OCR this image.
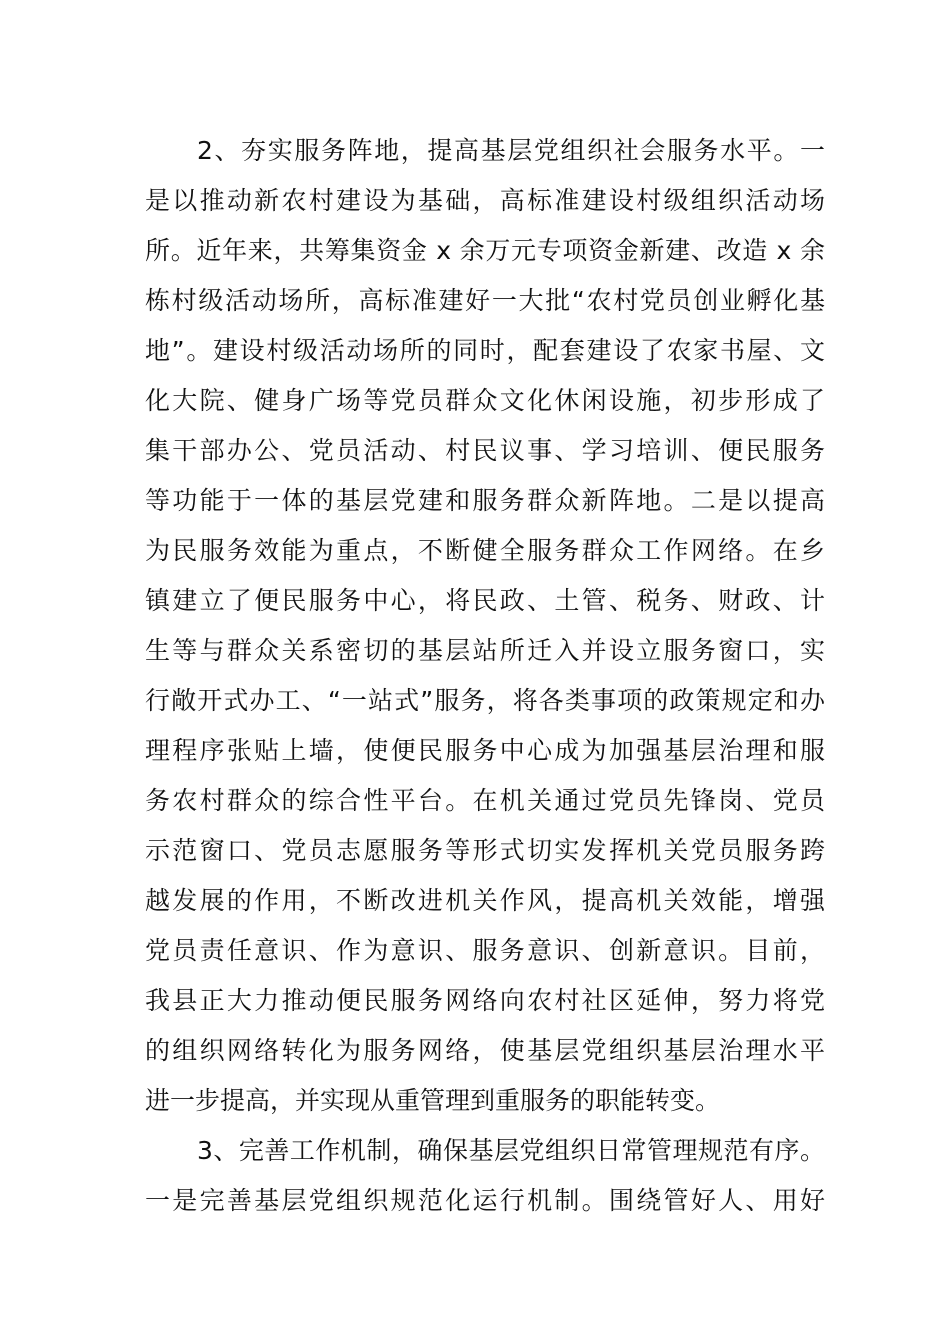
2、夯实服务阵地，提高基层党组织社会服务水平。一
是以推动新农村建设为基础，高标准建设村级组织活动场
所。近年来，共筹集资金 x 余万元专项资金新建、改造 x 余
栋村级活动场所，高标准建好一大批“农村党员创业孵化基
地”。建设村级活动场所的同时，配套建设了农家书屋、文
化大院、健身广场等党员群众文化休闲设施，初步形成了
集干部办公、党员活动、村民议事、学习培训、便民服务
等功能于一体的基层党建和服务群众新阵地。二是以提高
为民服务效能为重点，不断健全服务群众工作网络。在乡
镇建立了便民服务中心，将民政、土管、税务、财政、计
生等与群众关系密切的基层站所迁入并设立服务窗口，实
行敞开式办工、“一站式”服务，将各类事项的政策规定和办
理程序张贴上墙，使便民服务中心成为加强基层治理和服
务农村群众的综合性平台。在机关通过党员先锋岗、党员
示范窗口、党员志愿服务等形式切实发挥机关党员服务跨
越发展的作用，不断改进机关作风，提高机关效能，增强
党员责任意识、作为意识、服务意识、创新意识。目前，
我县正大力推动便民服务网络向农村社区延伸，努力将党
的组织网络转化为服务网络，使基层党组织基层治理水平
进一步提高，并实现从重管理到重服务的职能转变。
3、完善工作机制，确保基层党组织日常管理规范有序。
一是完善基层党组织规范化运行机制。围绕管好人、用好
